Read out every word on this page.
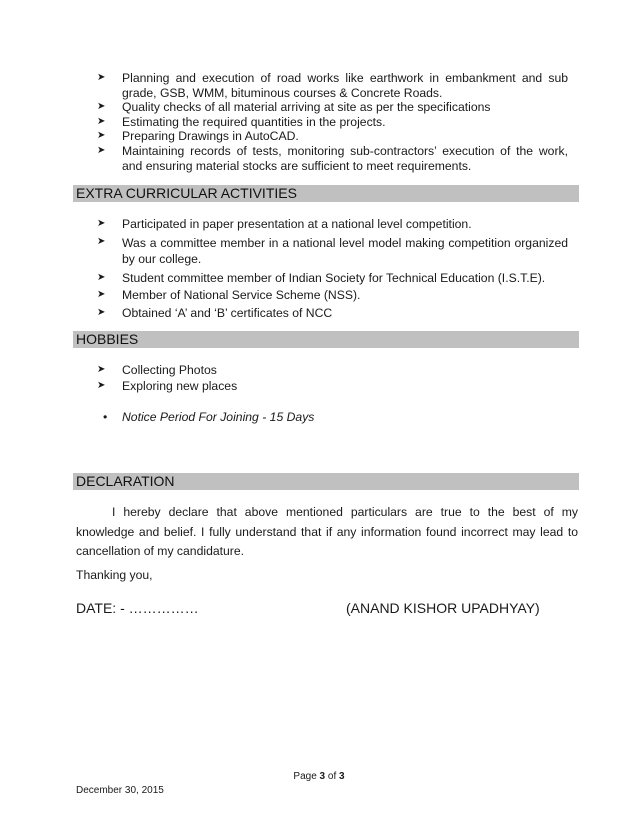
➤ Planning and execution of road works like earthwork in embankment and sub grade, GSB, WMM, bituminous courses & Concrete Roads.
➤ Quality checks of all material arriving at site as per the specifications
➤ Estimating the required quantities in the projects.
➤ Preparing Drawings in AutoCAD.
➤ Maintaining records of tests, monitoring sub-contractors’ execution of the work, and ensuring material stocks are sufficient to meet requirements.
EXTRA CURRICULAR ACTIVITIES
➤ Participated in paper presentation at a national level competition.
➤ Was a committee member in a national level model making competition organized by our college.
➤ Student committee member of Indian Society for Technical Education (I.S.T.E).
➤ Member of National Service Scheme (NSS).
➤ Obtained ‘A’ and ‘B’ certificates of NCC
HOBBIES
➤ Collecting Photos
➤ Exploring new places
• Notice Period For Joining - 15 Days
DECLARATION

I hereby declare that above mentioned particulars are true to the best of my knowledge and belief. I fully understand that if any information found incorrect may lead to cancellation of my candidature.

Thanking you,
DATE: - ……………	(ANAND KISHOR UPADHYAY)
Page 3 of 3
December 30, 2015
